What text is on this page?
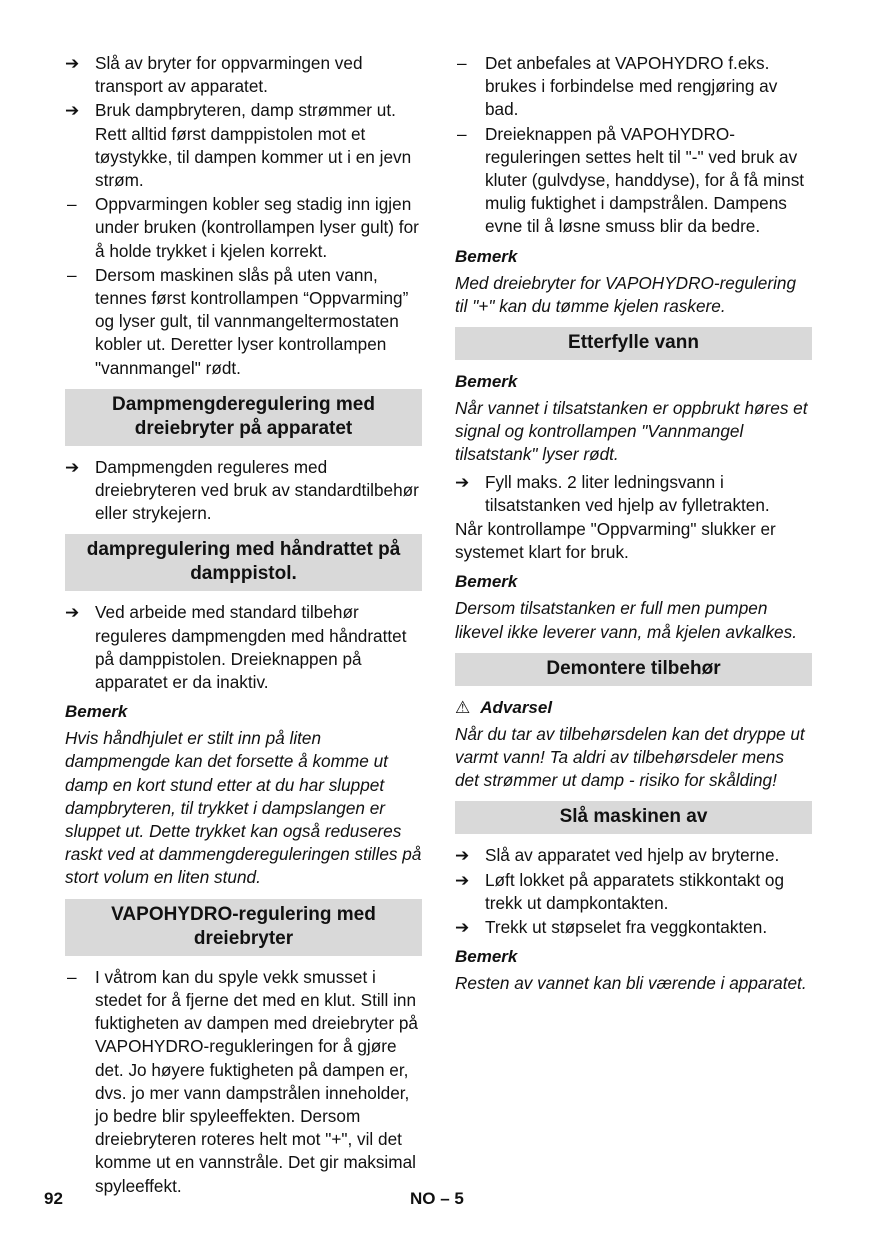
➔ Slå av bryter for oppvarmingen ved transport av apparatet.
➔ Bruk dampbryteren, damp strømmer ut. Rett alltid først damppistolen mot et tøystykke, til dampen kommer ut i en jevn strøm.
–	Oppvarmingen kobler seg stadig inn igjen under bruken (kontrollampen lyser gult) for å holde trykket i kjelen korrekt.
–	Dersom maskinen slås på uten vann, tennes først kontrollampen “Oppvarming” og lyser gult, til vannmangeltermostaten kobler ut. Deretter lyser kontrollampen "vannmangel" rødt.
Dampmengderegulering med dreiebryter på apparatet
➔ Dampmengden reguleres med dreiebryteren ved bruk av standardtilbehør eller strykejern.
dampregulering med håndrattet på damppistol.
➔ Ved arbeide med standard tilbehør reguleres dampmengden med håndrattet på damppistolen. Dreieknappen på apparatet er da inaktiv.
Bemerk
Hvis håndhjulet er stilt inn på liten dampmengde kan det forsette å komme ut damp en kort stund etter at du har sluppet dampbryteren, til trykket i dampslangen er sluppet ut. Dette trykket kan også reduseres raskt ved at dammengdereguleringen stilles på stort volum en liten stund.
VAPOHYDRO-regulering med dreiebryter
–	I våtrom kan du spyle vekk smusset i stedet for å fjerne det med en klut. Still inn fuktigheten av dampen med dreiebryter på VAPOHYDRO-regukleringen for å gjøre det. Jo høyere fuktigheten på dampen er, dvs. jo mer vann dampstrålen inneholder, jo bedre blir spyleeffekten. Dersom dreiebryteren roteres helt mot "+", vil det komme ut en vannstråle. Det gir maksimal spyleeffekt.
–	Det anbefales at VAPOHYDRO f.eks. brukes i forbindelse med rengjøring av bad.
–	Dreieknappen på VAPOHYDRO-reguleringen settes helt til "-" ved bruk av kluter (gulvdyse, handdyse), for å få minst mulig fuktighet i dampstrålen. Dampens evne til å løsne smuss blir da bedre.
Bemerk
Med dreiebryter for VAPOHYDRO-regulering til "+" kan du tømme kjelen raskere.
Etterfylle vann
Bemerk
Når vannet i tilsatstanken er oppbrukt høres et signal og kontrollampen "Vannmangel tilsatstank" lyser rødt.
➔ Fyll maks. 2 liter ledningsvann i tilsatstanken ved hjelp av fylletrakten.
Når kontrollampe "Oppvarming" slukker er systemet klart for bruk.
Bemerk
Dersom tilsatstanken er full men pumpen likevel ikke leverer vann, må kjelen avkalkes.
Demontere tilbehør
⚠ Advarsel
Når du tar av tilbehørsdelen kan det dryppe ut varmt vann! Ta aldri av tilbehørsdeler mens det strømmer ut damp - risiko for skålding!
Slå maskinen av
➔ Slå av apparatet ved hjelp av bryterne.
➔ Løft lokket på apparatets stikkontakt og trekk ut dampkontakten.
➔ Trekk ut støpselet fra veggkontakten.
Bemerk
Resten av vannet kan bli værende i apparatet.
92	NO – 5
